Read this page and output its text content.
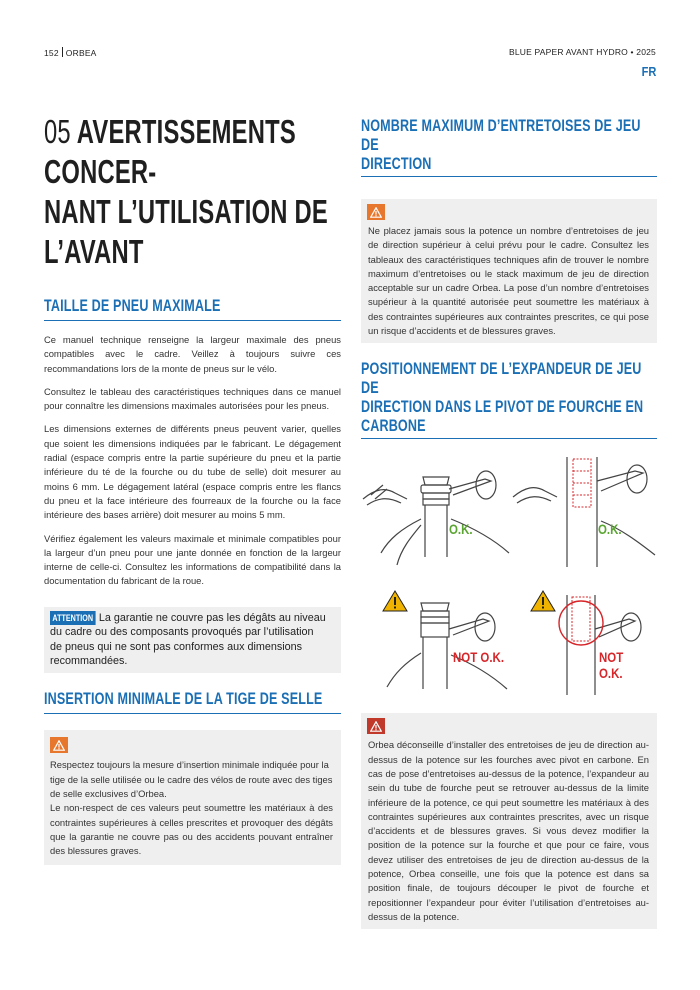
152 ORBEA	BLUE PAPER AVANT HYDRO • 2025
FR
05 AVERTISSEMENTS CONCER-
NANT L’UTILISATION DE
L’AVANT
TAILLE DE PNEU MAXIMALE

Ce manuel technique renseigne la largeur maximale des pneus compatibles avec le cadre. Veillez à toujours suivre ces recommandations lors de la monte de pneus sur le vélo.

Consultez le tableau des caractéristiques techniques dans ce manuel pour connaître les dimensions maximales autorisées pour les pneus.

Les dimensions externes de différents pneus peuvent varier, quelles que soient les dimensions indiquées par le fabricant. Le dégagement radial (espace compris entre la partie supérieure du pneu et la partie inférieure du té de la fourche ou du tube de selle) doit mesurer au moins 6 mm. Le dégagement latéral (espace compris entre les flancs du pneu et la face intérieure des fourreaux de la fourche ou la face intérieure des bases arrière) doit mesurer au moins 5 mm.

Vérifiez également les valeurs maximale et minimale compatibles pour la largeur d’un pneu pour une jante donnée en fonction de la largeur interne de celle-ci. Consultez les informations de compatibilité dans la documentation du fabricant de la roue.

ATTENTION La garantie ne couvre pas les dégâts au niveau du cadre ou des composants provoqués par l’utilisation de pneus qui ne sont pas conformes aux dimensions recommandées.
INSERTION MINIMALE DE LA TIGE DE SELLE

Respectez toujours la mesure d’insertion minimale indiquée pour la tige de la selle utilisée ou le cadre des vélos de route avec des tiges de selle exclusives d’Orbea.

Le non-respect de ces valeurs peut soumettre les matériaux à des contraintes supérieures à celles prescrites et provoquer des dégâts que la garantie ne couvre pas ou des accidents pouvant entraîner des blessures graves.

NOMBRE MAXIMUM D’ENTRETOISES DE JEU DE
DIRECTION

Ne placez jamais sous la potence un nombre d’entretoises de jeu de direction supérieur à celui prévu pour le cadre. Consultez les tableaux des caractéristiques techniques afin de trouver le nombre maximum d’entretoises ou le stack maximum de jeu de direction acceptable sur un cadre Orbea. La pose d’un nombre d’entretoises supérieur à la quantité autorisée peut soumettre les matériaux à des contraintes supérieures aux contraintes prescrites, ce qui pose un risque d’accidents et de blessures graves.

POSITIONNEMENT DE L’EXPANDEUR DE JEU DE
DIRECTION DANS LE PIVOT DE FOURCHE EN
CARBONE
O.K.	O.K.
NOT O.K.	NOT O.K.

Orbea déconseille d’installer des entretoises de jeu de direction au-dessus de la potence sur les fourches avec pivot en carbone. En cas de pose d’entretoises au-dessus de la potence, l’expandeur au sein du tube de fourche peut se retrouver au-dessus de la limite inférieure de la potence, ce qui peut soumettre les matériaux à des contraintes supérieures aux contraintes prescrites, avec un risque d’accidents et de blessures graves. Si vous devez modifier la position de la potence sur la fourche et que pour ce faire, vous devez utiliser des entretoises de jeu de direction au-dessus de la potence, Orbea conseille, une fois que la potence est dans sa position finale, de toujours découper le pivot de fourche et repositionner l’expandeur pour éviter l’utilisation d’entretoises au-dessus de la potence.
